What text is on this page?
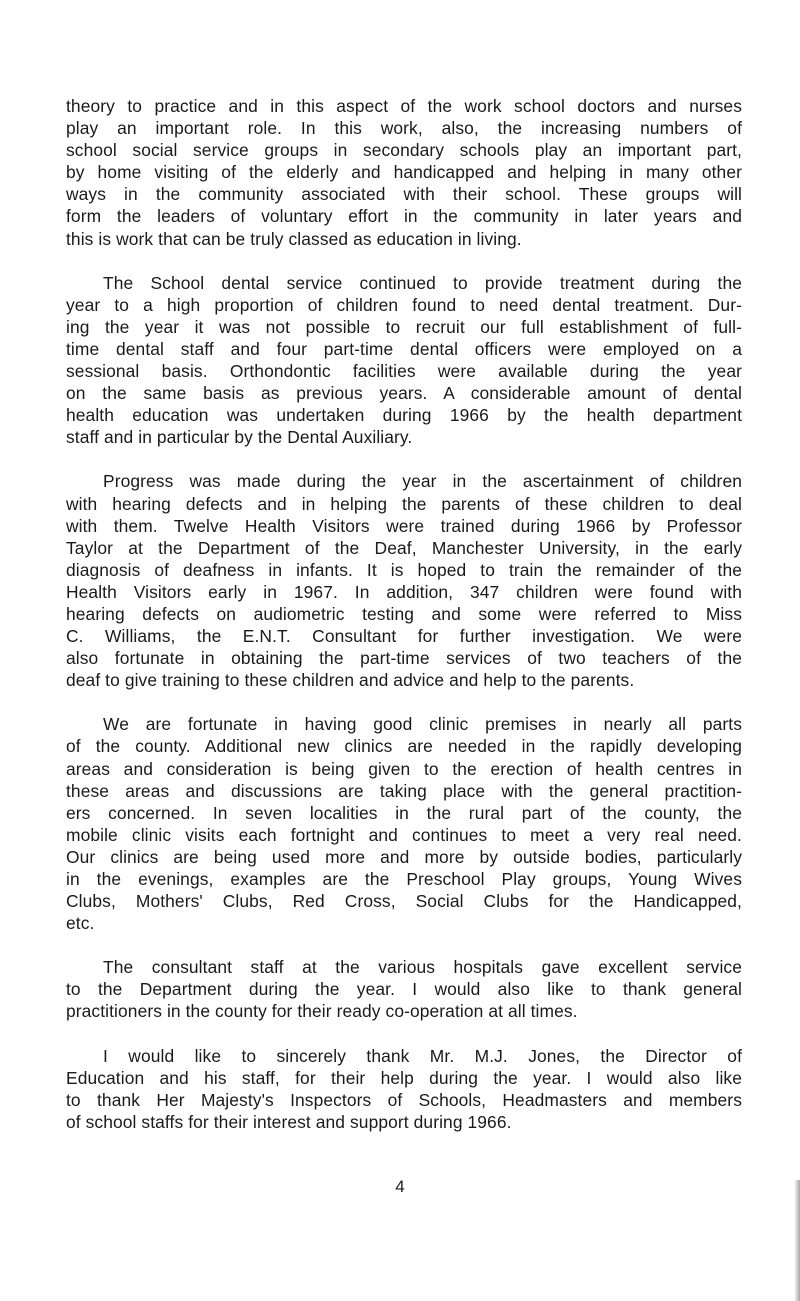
theory to practice and in this aspect of the work school doctors and nurses
play an important role. In this work, also, the increasing numbers of
school social service groups in secondary schools play an important part,
by home visiting of the elderly and handicapped and helping in many other
ways in the community associated with their school. These groups will
form the leaders of voluntary effort in the community in later years and
this is work that can be truly classed as education in living.

The School dental service continued to provide treatment during the
year to a high proportion of children found to need dental treatment. Dur-
ing the year it was not possible to recruit our full establishment of full-
time dental staff and four part-time dental officers were employed on a
sessional basis. Orthondontic facilities were available during the year
on the same basis as previous years. A considerable amount of dental
health education was undertaken during 1966 by the health department
staff and in particular by the Dental Auxiliary.

Progress was made during the year in the ascertainment of children
with hearing defects and in helping the parents of these children to deal
with them. Twelve Health Visitors were trained during 1966 by Professor
Taylor at the Department of the Deaf, Manchester University, in the early
diagnosis of deafness in infants. It is hoped to train the remainder of the
Health Visitors early in 1967. In addition, 347 children were found with
hearing defects on audiometric testing and some were referred to Miss
C. Williams, the E.N.T. Consultant for further investigation. We were
also fortunate in obtaining the part-time services of two teachers of the
deaf to give training to these children and advice and help to the parents.

We are fortunate in having good clinic premises in nearly all parts
of the county. Additional new clinics are needed in the rapidly developing
areas and consideration is being given to the erection of health centres in
these areas and discussions are taking place with the general practition-
ers concerned. In seven localities in the rural part of the county, the
mobile clinic visits each fortnight and continues to meet a very real need.
Our clinics are being used more and more by outside bodies, particularly
in the evenings, examples are the Preschool Play groups, Young Wives
Clubs, Mothers' Clubs, Red Cross, Social Clubs for the Handicapped,
etc.

The consultant staff at the various hospitals gave excellent service
to the Department during the year. I would also like to thank general
practitioners in the county for their ready co-operation at all times.

I would like to sincerely thank Mr. M.J. Jones, the Director of
Education and his staff, for their help during the year. I would also like
to thank Her Majesty's Inspectors of Schools, Headmasters and members
of school staffs for their interest and support during 1966.

4
